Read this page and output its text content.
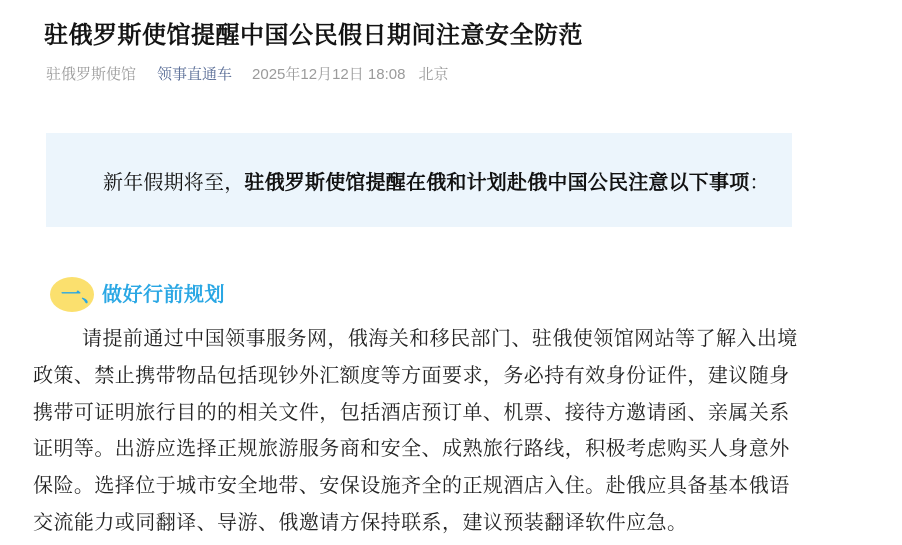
驻俄罗斯使馆提醒中国公民假日期间注意安全防范
驻俄罗斯使馆 领事直通车 2025年12月12日 18:08 北京
新年假期将至， 驻俄罗斯使馆提醒在俄和计划赴俄中国公民注意以下事项 ：
一、做好行前规划
请提前通过中国领事服务网，俄海关和移民部门、驻俄使领馆网站等了解入出境
政策、禁止携带物品包括现钞外汇额度等方面要求，务必持有效身份证件，建议随身
携带可证明旅行目的的相关文件，包括酒店预订单、机票、接待方邀请函、亲属关系
证明等。出游应选择正规旅游服务商和安全、成熟旅行路线，积极考虑购买人身意外
保险。选择位于城市安全地带、安保设施齐全的正规酒店入住。赴俄应具备基本俄语
交流能力或同翻译、导游、俄邀请方保持联系，建议预装翻译软件应急。
